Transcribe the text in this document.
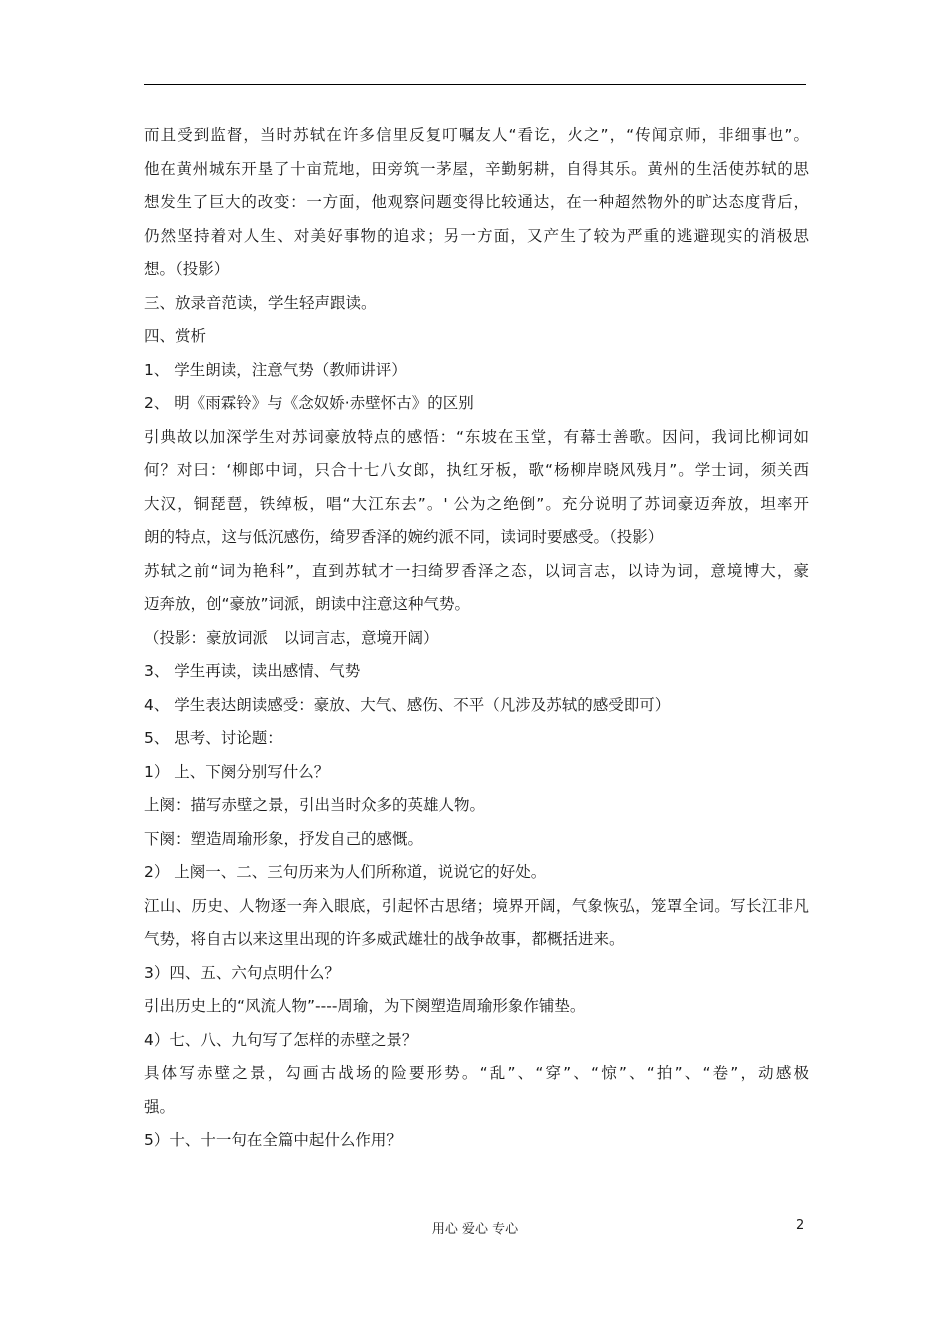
而且受到监督，当时苏轼在许多信里反复叮嘱友人“看讫，火之”，“传闻京师，非细事也”。
他在黄州城东开垦了十亩荒地，田旁筑一茅屋，辛勤躬耕，自得其乐。黄州的生活使苏轼的思
想发生了巨大的改变：一方面，他观察问题变得比较通达，在一种超然物外的旷达态度背后，
仍然坚持着对人生、对美好事物的追求；另一方面，又产生了较为严重的逃避现实的消极思
想。（投影）
三、放录音范读，学生轻声跟读。
四、赏析
1、 学生朗读，注意气势（教师讲评）
2、 明《雨霖铃》与《念奴娇·赤壁怀古》的区别
引典故以加深学生对苏词豪放特点的感悟：“东坡在玉堂，有幕士善歌。因问，我词比柳词如
何？对曰：‘柳郎中词，只合十七八女郎，执红牙板，歌“杨柳岸晓风残月”。学士词，须关西
大汉，铜琵琶，铁绰板，唱“大江东去”。' 公为之绝倒”。充分说明了苏词豪迈奔放，坦率开
朗的特点，这与低沉感伤，绮罗香泽的婉约派不同，读词时要感受。（投影）
苏轼之前“词为艳科”，直到苏轼才一扫绮罗香泽之态，以词言志，以诗为词，意境博大，豪
迈奔放，创“豪放”词派，朗读中注意这种气势。
（投影：豪放词派　以词言志，意境开阔）
3、 学生再读，读出感情、气势
4、 学生表达朗读感受：豪放、大气、感伤、不平（凡涉及苏轼的感受即可）
5、 思考、讨论题：
1） 上、下阕分别写什么？
上阕：描写赤壁之景，引出当时众多的英雄人物。
下阕：塑造周瑜形象，抒发自己的感慨。
2） 上阕一、二、三句历来为人们所称道，说说它的好处。
江山、历史、人物逐一奔入眼底，引起怀古思绪；境界开阔，气象恢弘，笼罩全词。写长江非凡
气势，将自古以来这里出现的许多威武雄壮的战争故事，都概括进来。
3）四、五、六句点明什么？
引出历史上的“风流人物”----周瑜，为下阕塑造周瑜形象作铺垫。
4）七、八、九句写了怎样的赤壁之景？
具体写赤壁之景，勾画古战场的险要形势。“乱”、“穿”、“惊”、“拍”、“卷”，动感极
强。
5）十、十一句在全篇中起什么作用？
用心 爱心 专心	2
